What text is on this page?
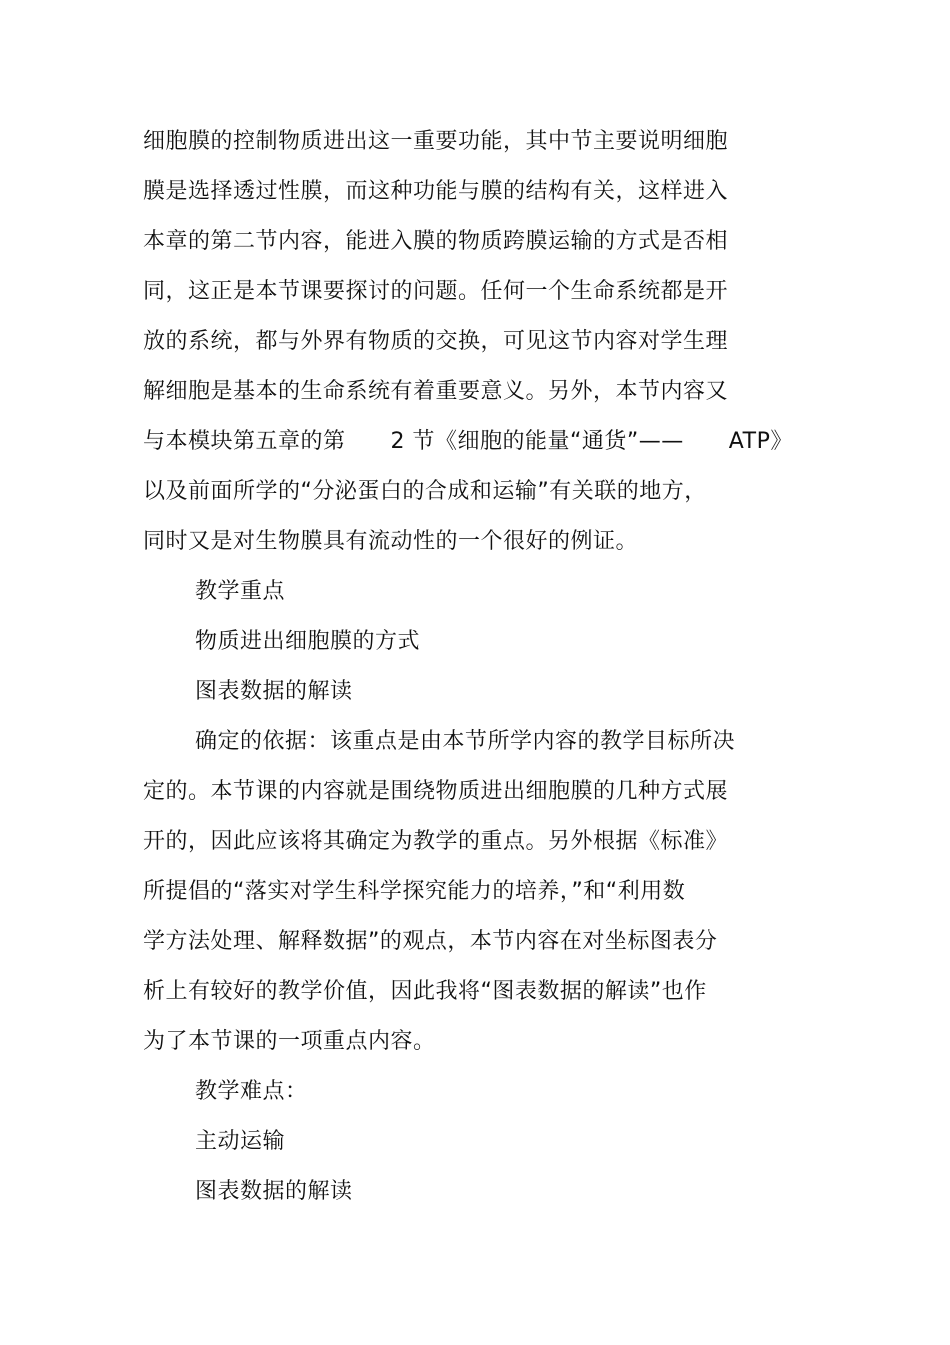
细胞膜的控制物质进出这一重要功能，其中节主要说明细胞
膜是选择透过性膜，而这种功能与膜的结构有关，这样进入
本章的第二节内容，能进入膜的物质跨膜运输的方式是否相
同，这正是本节课要探讨的问题。任何一个生命系统都是开
放的系统，都与外界有物质的交换，可见这节内容对学生理
解细胞是基本的生命系统有着重要意义。另外，本节内容又
与本模块第五章的第　　2 节《细胞的能量“通货”——　　ATP》
以及前面所学的“分泌蛋白的合成和运输”有关联的地方，
同时又是对生物膜具有流动性的一个很好的例证。
教学重点
物质进出细胞膜的方式
图表数据的解读
确定的依据：该重点是由本节所学内容的教学目标所决
定的。本节课的内容就是围绕物质进出细胞膜的几种方式展
开的，因此应该将其确定为教学的重点。另外根据《标准》
所提倡的“落实对学生科学探究能力的培养，”和“利用数
学方法处理、解释数据”的观点，本节内容在对坐标图表分
析上有较好的教学价值，因此我将“图表数据的解读”也作
为了本节课的一项重点内容。
教学难点：
主动运输
图表数据的解读
